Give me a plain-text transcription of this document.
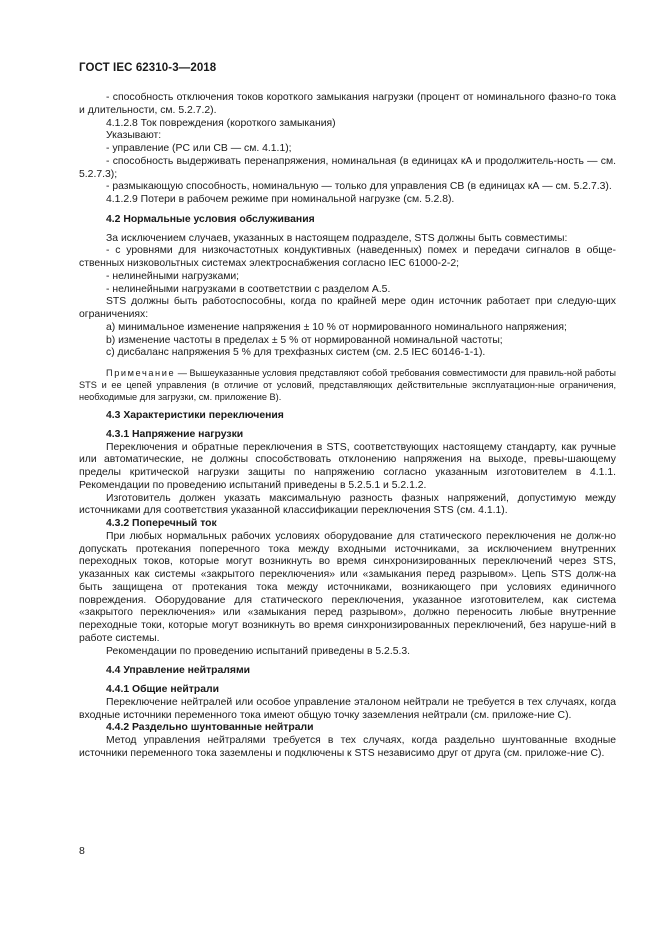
ГОСТ IEC 62310-3—2018

- способность отключения токов короткого замыкания нагрузки (процент от номинального фазно-го тока и длительности, см. 5.2.7.2).

4.1.2.8 Ток повреждения (короткого замыкания)

Указывают:

- управление (PC или CB — см. 4.1.1);

- способность выдерживать перенапряжения, номинальная (в единицах кА и продолжитель-ность — см. 5.2.7.3);

- размыкающую способность, номинальную — только для управления CB (в единицах кА — см. 5.2.7.3).

4.1.2.9 Потери в рабочем режиме при номинальной нагрузке (см. 5.2.8).

4.2 Нормальные условия обслуживания

За исключением случаев, указанных в настоящем подразделе, STS должны быть совместимы:

- с уровнями для низкочастотных кондуктивных (наведенных) помех и передачи сигналов в обще-ственных низковольтных системах электроснабжения согласно IEC 61000-2-2;

- нелинейными нагрузками;

- нелинейными нагрузками в соответствии с разделом А.5.

STS должны быть работоспособны, когда по крайней мере один источник работает при следую-щих ограничениях:

a) минимальное изменение напряжения ± 10 % от нормированного номинального напряжения;

b) изменение частоты в пределах ± 5 % от нормированной номинальной частоты;

c) дисбаланс напряжения 5 % для трехфазных систем (см. 2.5 IEC 60146-1-1).

Примечание — Вышеуказанные условия представляют собой требования совместимости для правиль-ной работы STS и ее цепей управления (в отличие от условий, представляющих действительные эксплуатацион-ные ограничения, необходимые для загрузки, см. приложение В).

4.3 Характеристики переключения

4.3.1 Напряжение нагрузки

Переключения и обратные переключения в STS, соответствующих настоящему стандарту, как ручные или автоматические, не должны способствовать отклонению напряжения на выходе, превы-шающему пределы критической нагрузки защиты по напряжению согласно указанным изготовителем в 4.1.1. Рекомендации по проведению испытаний приведены в 5.2.5.1 и 5.2.1.2.

Изготовитель должен указать максимальную разность фазных напряжений, допустимую между источниками для соответствия указанной классификации переключения STS (см. 4.1.1).

4.3.2 Поперечный ток

При любых нормальных рабочих условиях оборудование для статического переключения не долж-но допускать протекания поперечного тока между входными источниками, за исключением внутренних переходных токов, которые могут возникнуть во время синхронизированных переключений через STS, указанных как системы «закрытого переключения» или «замыкания перед разрывом». Цепь STS долж-на быть защищена от протекания тока между источниками, возникающего при условиях единичного повреждения. Оборудование для статического переключения, указанное изготовителем, как система «закрытого переключения» или «замыкания перед разрывом», должно переносить любые внутренние переходные токи, которые могут возникнуть во время синхронизированных переключений, без наруше-ний в работе системы.

Рекомендации по проведению испытаний приведены в 5.2.5.3.

4.4 Управление нейтралями

4.4.1 Общие нейтрали

Переключение нейтралей или особое управление эталоном нейтрали не требуется в тех случаях, когда входные источники переменного тока имеют общую точку заземления нейтрали (см. приложе-ние С).

4.4.2 Раздельно шунтованные нейтрали

Метод управления нейтралями требуется в тех случаях, когда раздельно шунтованные входные источники переменного тока заземлены и подключены к STS независимо друг от друга (см. приложе-ние С).

8
